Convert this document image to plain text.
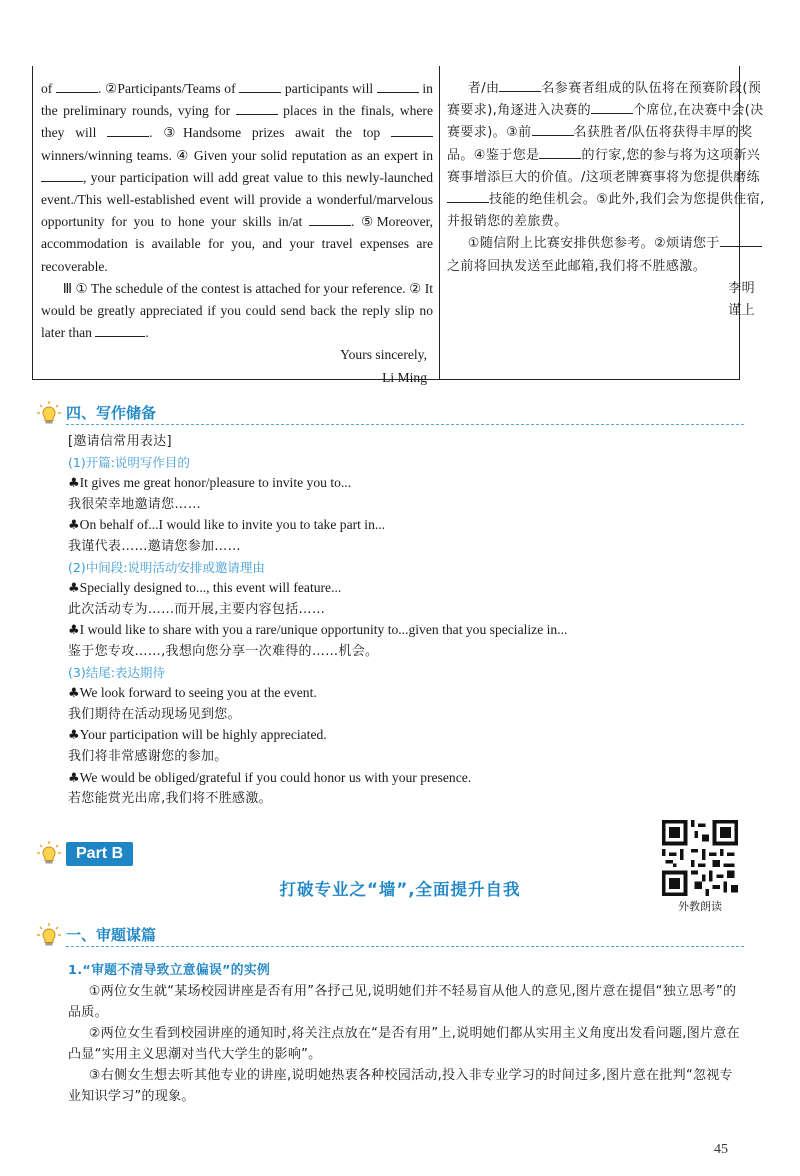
of	. ②Participants/Teams of	participants will	in the preliminary rounds, vying for	places in the finals, where they will	. ③Handsome prizes await the top  winners/winning teams. ④ Given your solid reputation as an expert in , your participation will add great value to this newly-launched event./This well-established event will provide a wonderful/marvelous opportunity for you to hone your skills in/at	. ⑤Moreover, accommodation is available for you, and your travel expenses are recoverable.

Ⅲ ① The schedule of the contest is attached for your reference. ② It would be greatly appreciated if you could send back the reply slip no later than	.

Yours sincerely,

Li Ming

者/由	名参赛者组成的队伍将在预赛阶段(预赛要求),角逐进入决赛的	个席位,在决赛中会(决赛要求)。③前	名获胜者/队伍将获得丰厚的奖品。④鉴于您是	的行家,您的参与将为这项新兴赛事增添巨大的价值。/这项老牌赛事将为您提供磨练技能的绝佳机会。⑤此外,我们会为您提供住宿,并报销您的差旅费。

①随信附上比赛安排供您参考。②烦请您于之前将回执发送至此邮箱,我们将不胜感激。

李明

谨上

四、写作储备

[邀请信常用表达]

(1)开篇:说明写作目的

♣It gives me great honor/pleasure to invite you to...

我很荣幸地邀请您……

♣On behalf of...I would like to invite you to take part in...

我谨代表……邀请您参加……

(2)中间段:说明活动安排或邀请理由

♣Specially designed to..., this event will feature...

此次活动专为……而开展,主要内容包括……

♣I would like to share with you a rare/unique opportunity to...given that you specialize in...

鉴于您专攻……,我想向您分享一次难得的……机会。

(3)结尾:表达期待

♣We look forward to seeing you at the event.

我们期待在活动现场见到您。

♣Your participation will be highly appreciated.

我们将非常感谢您的参加。

♣We would be obliged/grateful if you could honor us with your presence.

若您能赏光出席,我们将不胜感激。

Part B
打破专业之“墙”,全面提升自我
外教朗读
一、审题谋篇

1.“审题不清导致立意偏误”的实例

①两位女生就“某场校园讲座是否有用”各抒己见,说明她们并不轻易盲从他人的意见,图片意在提倡“独立思考”的品质。

②两位女生看到校园讲座的通知时,将关注点放在“是否有用”上,说明她们都从实用主义角度出发看问题,图片意在凸显“实用主义思潮对当代大学生的影响”。

③右侧女生想去听其他专业的讲座,说明她热衷各种校园活动,投入非专业学习的时间过多,图片意在批判“忽视专业知识学习”的现象。

45
